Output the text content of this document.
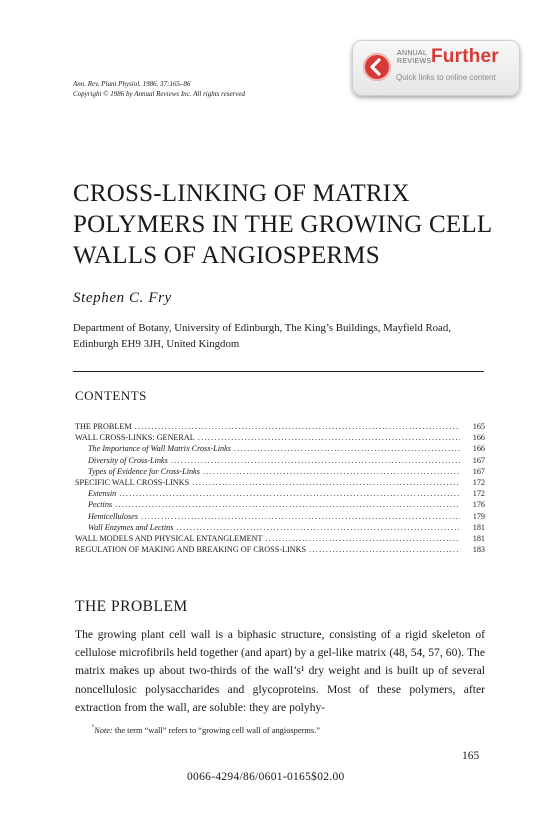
ANNUAL
REVIEWS Further
Quick links to online content
Ann. Rev. Plant Physiol. 1986. 37:165–86
Copyright © 1986 by Annual Reviews Inc. All rights reserved
CROSS-LINKING OF MATRIX POLYMERS IN THE GROWING CELL WALLS OF ANGIOSPERMS
Stephen C. Fry
Department of Botany, University of Edinburgh, The King’s Buildings, Mayfield Road, Edinburgh EH9 3JH, United Kingdom
CONTENTS
THE PROBLEM .....	165
WALL CROSS-LINKS: GENERAL .....	166
The Importance of Wall Matrix Cross-Links .....	166
Diversity of Cross-Links .....	167
Types of Evidence for Cross-Links .....	167
SPECIFIC WALL CROSS-LINKS .....	172
Extensin .....	172
Pectins .....	176
Hemicelluloses .....	179
Wall Enzymes and Lectins .....	181
WALL MODELS AND PHYSICAL ENTANGLEMENT .....	181
REGULATION OF MAKING AND BREAKING OF CROSS-LINKS .....	183
THE PROBLEM

The growing plant cell wall is a biphasic structure, consisting of a rigid skeleton of cellulose microfibrils held together (and apart) by a gel-like matrix (48, 54, 57, 60). The matrix makes up about two-thirds of the wall’s¹ dry weight and is built up of several noncellulosic polysaccharides and glycoproteins. Most of these polymers, after extraction from the wall, are soluble: they are polyhy-

$^{^1}$Note: the term “wall” refers to “growing cell wall of angiosperms.”
165
0066-4294/86/0601-0165$02.00
